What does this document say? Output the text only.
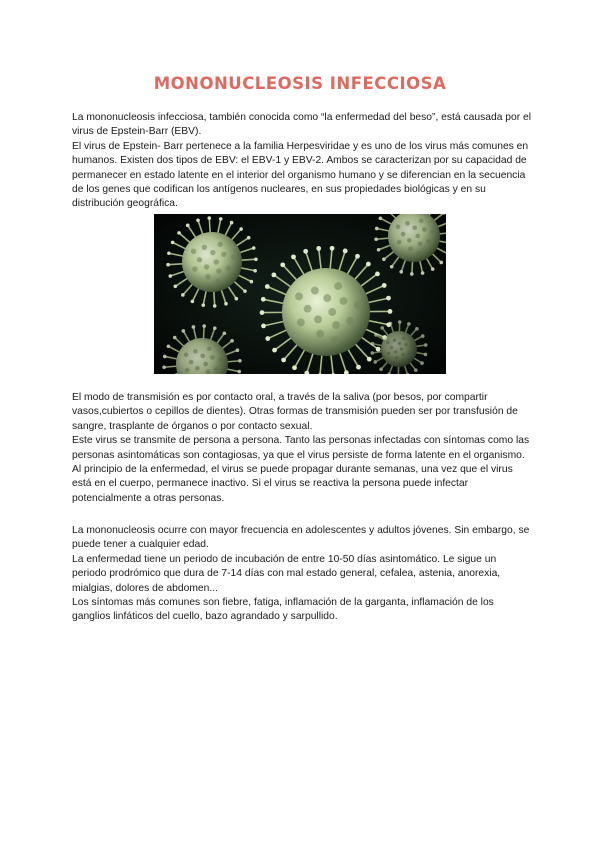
MONONUCLEOSIS INFECCIOSA

La mononucleosis infecciosa, también conocida como “la enfermedad del beso”, está causada por el virus de Epstein-Barr (EBV).

El virus de Epstein- Barr pertenece a la familia Herpesviridae y es uno de los virus más comunes en humanos. Existen dos tipos de EBV: el EBV-1 y EBV-2. Ambos se caracterizan por su capacidad de permanecer en estado latente en el interior del organismo humano y se diferencian en la secuencia de los genes que codifican los antígenos nucleares, en sus propiedades biológicas y en su distribución geográfica.

El modo de transmisión es por contacto oral, a través de la saliva (por besos, por compartir vasos,cubiertos o cepillos de dientes). Otras formas de transmisión pueden ser por transfusión de sangre, trasplante de órganos o por contacto sexual.

Este virus se transmite de persona a persona. Tanto las personas infectadas con síntomas como las personas asintomáticas son contagiosas, ya que el virus persiste de forma latente en el organismo. Al principio de la enfermedad, el virus se puede propagar durante semanas, una vez que el virus está en el cuerpo, permanece inactivo. Si el virus se reactiva la persona puede infectar potencialmente a otras personas.

La mononucleosis ocurre con mayor frecuencia en adolescentes y adultos jóvenes. Sin embargo, se puede tener a cualquier edad.

La enfermedad tiene un periodo de incubación de entre 10-50 días asintomático. Le sigue un periodo prodrómico que dura de 7-14 días con mal estado general, cefalea, astenia, anorexia, mialgias, dolores de abdomen...

Los síntomas más comunes son fiebre, fatiga, inflamación de la garganta, inflamación de los ganglios linfáticos del cuello, bazo agrandado y sarpullido.
